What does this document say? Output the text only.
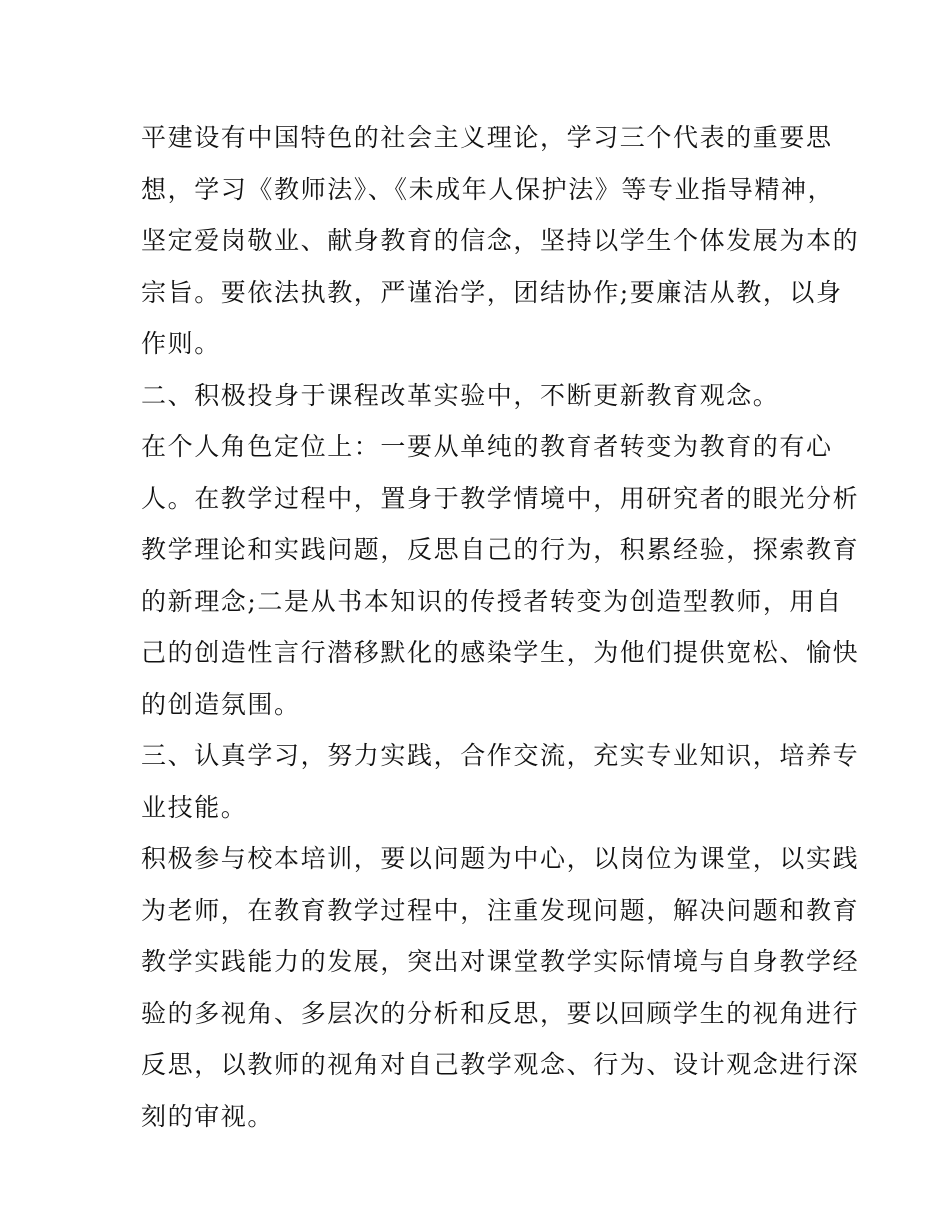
平建设有中国特色的社会主义理论，学习三个代表的重要思
想，学习《教师法》、《未成年人保护法》等专业指导精神，
坚定爱岗敬业、献身教育的信念，坚持以学生个体发展为本的
宗旨。要依法执教，严谨治学，团结协作;要廉洁从教，以身
作则。
二、积极投身于课程改革实验中，不断更新教育观念。
在个人角色定位上：一要从单纯的教育者转变为教育的有心
人。在教学过程中，置身于教学情境中，用研究者的眼光分析
教学理论和实践问题，反思自己的行为，积累经验，探索教育
的新理念;二是从书本知识的传授者转变为创造型教师，用自
己的创造性言行潜移默化的感染学生，为他们提供宽松、愉快
的创造氛围。
三、认真学习，努力实践，合作交流，充实专业知识，培养专
业技能。
积极参与校本培训，要以问题为中心，以岗位为课堂，以实践
为老师，在教育教学过程中，注重发现问题，解决问题和教育
教学实践能力的发展，突出对课堂教学实际情境与自身教学经
验的多视角、多层次的分析和反思，要以回顾学生的视角进行
反思，以教师的视角对自己教学观念、行为、设计观念进行深
刻的审视。
